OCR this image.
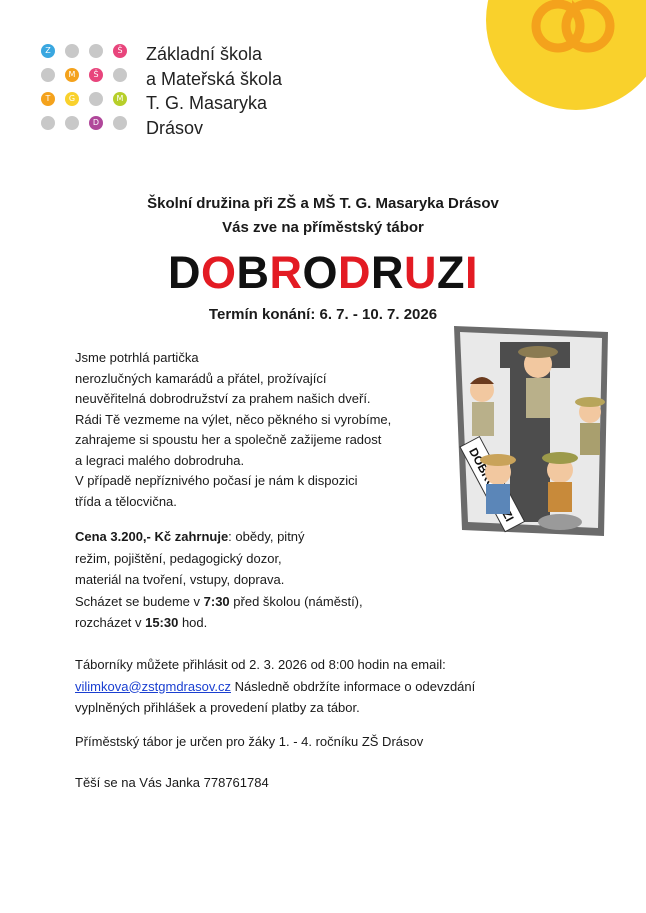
Z	Š
M	Š
T	G	M
D
Základní škola
a Mateřská škola
T. G. Masaryka
Drásov
Školní družina při ZŠ a MŠ T. G. Masaryka Drásov
Vás zve na příměstský tábor
DOBRODRUZI
Termín konání: 6. 7. - 10. 7. 2026

Jsme potrhlá partička

nerozlučných kamarádů a přátel, prožívající

neuvěřitelná dobrodružství za prahem našich dveří.

Rádi Tě vezmeme na výlet, něco pěkného si vyrobíme,

zahrajeme si spoustu her a společně zažijeme radost

a legraci malého dobrodruha.

V případě nepříznivého počasí je nám k dispozici

třída a tělocvična.

Cena 3.200,- Kč zahrnuje: obědy, pitný
režim, pojištění, pedagogický dozor,
materiál na tvoření, vstupy, doprava.
Scházet se budeme v 7:30 před školou (náměstí),
rozcházet v 15:30 hod.
Táborníky můžete přihlásit od 2. 3. 2026 od 8:00 hodin na email:
vilimkova@zstgmdrasov.cz Následně obdržíte informace o odevzdání
vyplněných přihlášek a provedení platby za tábor.
Příměstský tábor je určen pro žáky 1. - 4. ročníku ZŠ Drásov
Těší se na Vás Janka 778761784
